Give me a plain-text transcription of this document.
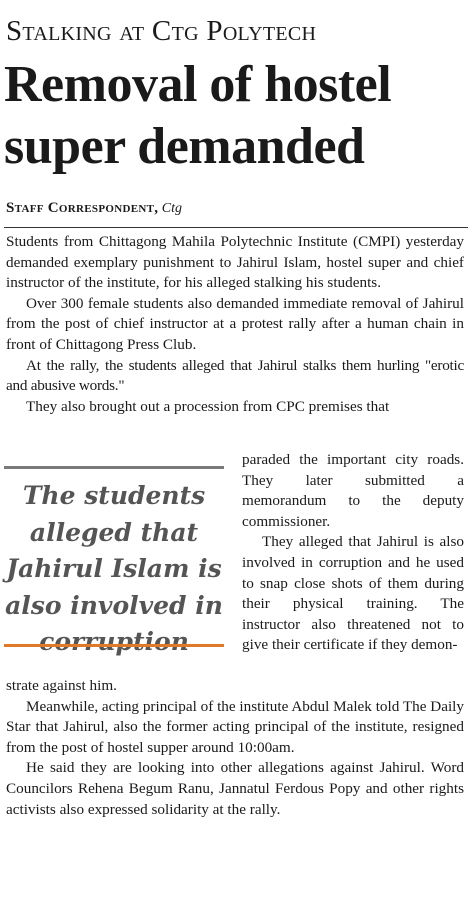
Stalking at Ctg Polytech
Removal of hostel super demanded
Staff Correspondent, Ctg

Students from Chittagong Mahila Polytechnic Institute (CMPI) yesterday demanded exemplary punishment to Jahirul Islam, hostel super and chief instructor of the institute, for his alleged stalking his students.

Over 300 female students also demanded immediate removal of Jahirul from the post of chief instructor at a protest rally after a human chain in front of Chittagong Press Club.

At the rally, the students alleged that Jahirul stalks them hurling "erotic and abusive words."

They also brought out a procession from CPC premises that

The students
alleged that
Jahirul Islam is
also involved in
corruption

paraded the important city roads. They later submitted a memorandum to the deputy commissioner.

They alleged that Jahirul is also involved in corruption and he used to snap close shots of them during their physical training. The instructor also threatened not to give their certificate if they demon-

strate against him.

Meanwhile, acting principal of the institute Abdul Malek told The Daily Star that Jahirul, also the former acting principal of the institute, resigned from the post of hostel supper around 10:00am.

He said they are looking into other allegations against Jahirul. Word Councilors Rehena Begum Ranu, Jannatul Ferdous Popy and other rights activists also expressed solidarity at the rally.
